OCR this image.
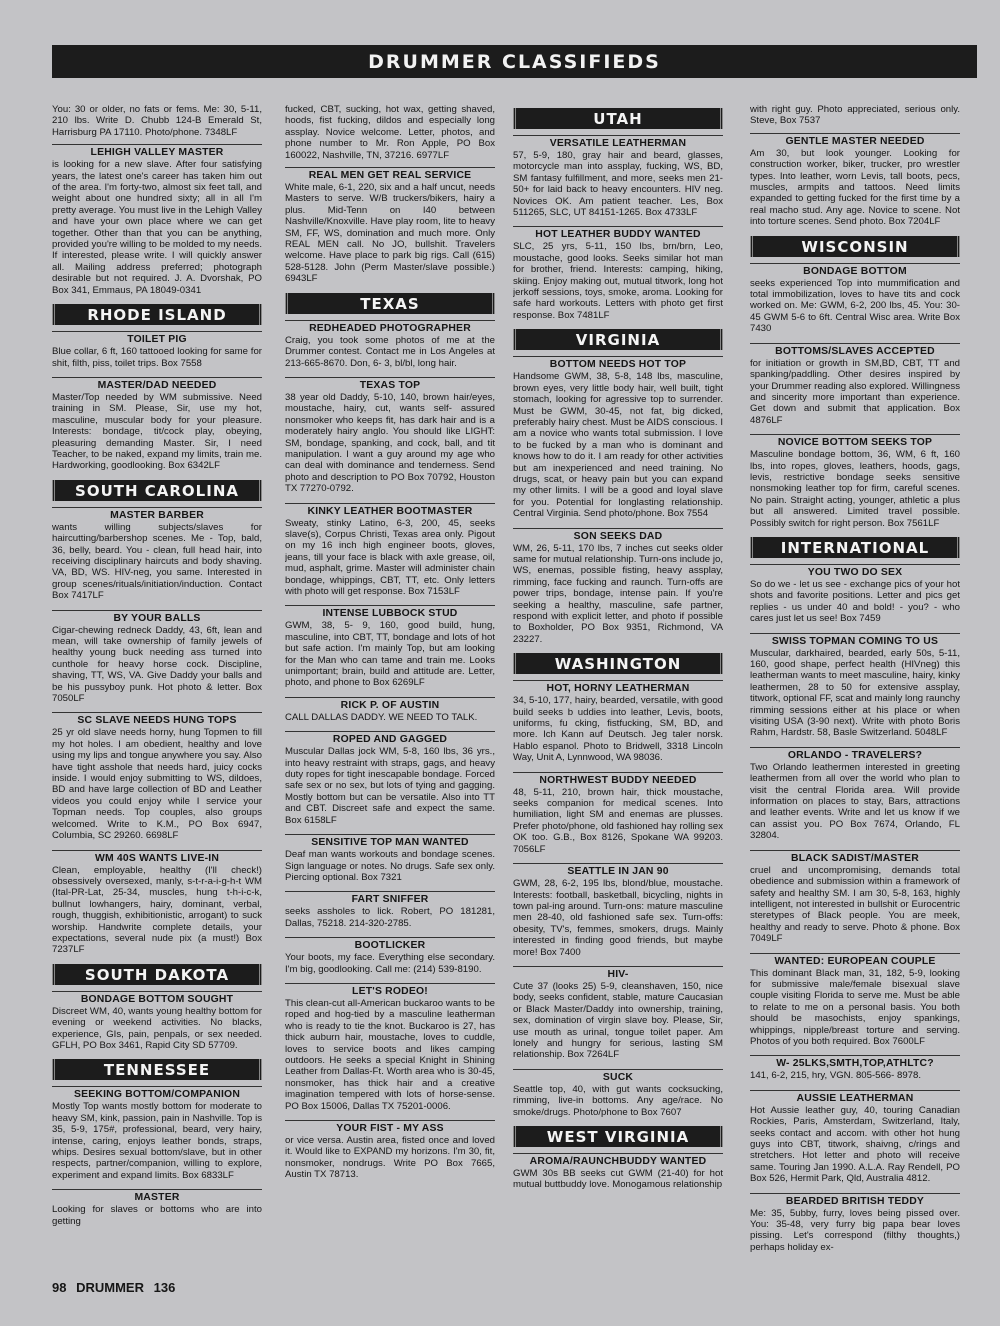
DRUMMER CLASSIFIEDS

You: 30 or older, no fats or fems. Me: 30, 5-11, 210 lbs. Write D. Chubb 124-B Emerald St, Harrisburg PA 17110. Photo/phone. 7348LF

LEHIGH VALLEY MASTER

is looking for a new slave. After four satisfying years, the latest one's career has taken him out of the area. I'm forty-two, almost six feet tall, and weight about one hundred sixty; all in all I'm pretty average. You must live in the Lehigh Valley and have your own place where we can get together. Other than that you can be anything, provided you're willing to be molded to my needs. If interested, please write. I will quickly answer all. Mailing address preferred; photograph desirable but not required. J. A. Dvorshak, PO Box 341, Emmaus, PA 18049-0341

RHODE ISLAND
TOILET PIG

Blue collar, 6 ft, 160 tattooed looking for same for shit, filth, piss, toilet trips. Box 7558

MASTER/DAD NEEDED

Master/Top needed by WM submissive. Need training in SM. Please, Sir, use my hot, masculine, muscular body for your pleasure. Interests: bondage, tit/cock play, obeying, pleasuring demanding Master. Sir, I need Teacher, to be naked, expand my limits, train me. Hardworking, goodlooking. Box 6342LF

SOUTH CAROLINA
MASTER BARBER

wants willing subjects/slaves for haircutting/barbershop scenes. Me - Top, bald, 36, belly, beard. You - clean, full head hair, into receiving disciplinary haircuts and body shaving. VA, BD, WS. HIV-neg, you same. Interested in group scenes/rituals/initiation/induction. Contact Box 7417LF

BY YOUR BALLS

Cigar-chewing redneck Daddy, 43, 6ft, lean and mean, will take ownership of family jewels of healthy young buck needing ass turned into cunthole for heavy horse cock. Discipline, shaving, TT, WS, VA. Give Daddy your balls and be his pussyboy punk. Hot photo & letter. Box 7050LF

SC SLAVE NEEDS HUNG TOPS

25 yr old slave needs horny, hung Topmen to fill my hot holes. I am obedient, healthy and love using my lips and tongue anywhere you say. Also have tight asshole that needs hard, juicy cocks inside. I would enjoy submitting to WS, dildoes, BD and have large collection of BD and Leather videos you could enjoy while I service your Topman needs. Top couples, also groups welcomed. Write to K.M., PO Box 6947, Columbia, SC 29260. 6698LF

WM 40S WANTS LIVE-IN

Clean, employable, healthy (I'll check!) obsessively oversexed, manly, s-t-r-a-i-g-h-t WM (Ital-PR-Lat, 25-34, muscles, hung t-h-i-c-k, bullnut lowhangers, hairy, dominant, verbal, rough, thuggish, exhibitionistic, arrogant) to suck worship. Handwrite complete details, your expectations, several nude pix (a must!) Box 7237LF

SOUTH DAKOTA
BONDAGE BOTTOM SOUGHT

Discreet WM, 40, wants young healthy bottom for evening or weekend activities. No blacks, experience, GIs, pain, penpals, or sex needed. GFLH, PO Box 3461, Rapid City SD 57709.

TENNESSEE
SEEKING BOTTOM/COMPANION

Mostly Top wants mostly bottom for moderate to heavy SM, kink, passion, pain in Nashville. Top is 35, 5-9, 175#, professional, beard, very hairy, intense, caring, enjoys leather bonds, straps, whips. Desires sexual bottom/slave, but in other respects, partner/companion, willing to explore, experiment and expand limits. Box 6833LF

MASTER

Looking for slaves or bottoms who are into getting

fucked, CBT, sucking, hot wax, getting shaved, hoods, fist fucking, dildos and especially long assplay. Novice welcome. Letter, photos, and phone number to Mr. Ron Apple, PO Box 160022, Nashville, TN, 37216. 6977LF

REAL MEN GET REAL SERVICE

White male, 6-1, 220, six and a half uncut, needs Masters to serve. W/B truckers/bikers, hairy a plus. Mid-Tenn on I40 between Nashville/Knoxville. Have play room, lite to heavy SM, FF, WS, domination and much more. Only REAL MEN call. No JO, bullshit. Travelers welcome. Have place to park big rigs. Call (615) 528-5128. John (Perm Master/slave possible.) 6943LF

TEXAS
REDHEADED PHOTOGRAPHER

Craig, you took some photos of me at the Drummer contest. Contact me in Los Angeles at 213-665-8670. Don, 6- 3, bl/bl, long hair.

TEXAS TOP

38 year old Daddy, 5-10, 140, brown hair/eyes, moustache, hairy, cut, wants self- assured nonsmoker who keeps fit, has dark hair and is a moderately hairy anglo. You should like LIGHT: SM, bondage, spanking, and cock, ball, and tit manipulation. I want a guy around my age who can deal with dominance and tenderness. Send photo and description to PO Box 70792, Houston TX 77270-0792.

KINKY LEATHER BOOTMASTER

Sweaty, stinky Latino, 6-3, 200, 45, seeks slave(s), Corpus Christi, Texas area only. Pigout on my 16 inch high engineer boots, gloves, jeans, till your face is black with axle grease, oil, mud, asphalt, grime. Master will administer chain bondage, whippings, CBT, TT, etc. Only letters with photo will get response. Box 7153LF

INTENSE LUBBOCK STUD

GWM, 38, 5- 9, 160, good build, hung, masculine, into CBT, TT, bondage and lots of hot but safe action. I'm mainly Top, but am looking for the Man who can tame and train me. Looks unimportant; brain, build and attitude are. Letter, photo, and phone to Box 6269LF

RICK P. OF AUSTIN

CALL DALLAS DADDY. WE NEED TO TALK.

ROPED AND GAGGED

Muscular Dallas jock WM, 5-8, 160 lbs, 36 yrs., into heavy restraint with straps, gags, and heavy duty ropes for tight inescapable bondage. Forced safe sex or no sex, but lots of tying and gagging. Mostly bottom but can be versatile. Also into TT and CBT. Discreet safe and expect the same. Box 6158LF

SENSITIVE TOP MAN WANTED

Deaf man wants workouts and bondage scenes. Sign language or notes. No drugs. Safe sex only. Piercing optional. Box 7321

FART SNIFFER

seeks assholes to lick. Robert, PO 181281, Dallas, 75218. 214-320-2785.

BOOTLICKER

Your boots, my face. Everything else secondary. I'm big, goodlooking. Call me: (214) 539-8190.

LET'S RODEO!

This clean-cut all-American buckaroo wants to be roped and hog-tied by a masculine leatherman who is ready to tie the knot. Buckaroo is 27, has thick auburn hair, moustache, loves to cuddle, loves to service boots and likes camping outdoors. He seeks a special Knight in Shining Leather from Dallas-Ft. Worth area who is 30-45, nonsmoker, has thick hair and a creative imagination tempered with lots of horse-sense. PO Box 15006, Dallas TX 75201-0006.

YOUR FIST - MY ASS

or vice versa. Austin area, fisted once and loved it. Would like to EXPAND my horizons. I'm 30, fit, nonsmoker, nondrugs. Write PO Box 7665, Austin TX 78713.

UTAH
VERSATILE LEATHERMAN

57, 5-9, 180, gray hair and beard, glasses, motorcycle man into assplay, fucking, WS, BD, SM fantasy fulfillment, and more, seeks men 21-50+ for laid back to heavy encounters. HIV neg. Novices OK. Am patient teacher. Les, Box 511265, SLC, UT 84151-1265. Box 4733LF

HOT LEATHER BUDDY WANTED

SLC, 25 yrs, 5-11, 150 lbs, brn/brn, Leo, moustache, good looks. Seeks similar hot man for brother, friend. Interests: camping, hiking, skiing. Enjoy making out, mutual titwork, long hot jerkoff sessions, toys, smoke, aroma. Looking for safe hard workouts. Letters with photo get first response. Box 7481LF

VIRGINIA
BOTTOM NEEDS HOT TOP

Handsome GWM, 38, 5-8, 148 lbs, masculine, brown eyes, very little body hair, well built, tight stomach, looking for agressive top to surrender. Must be GWM, 30-45, not fat, big dicked, preferably hairy chest. Must be AIDS conscious. I am a novice who wants total submission. I love to be fucked by a man who is dominant and knows how to do it. I am ready for other activities but am inexperienced and need training. No drugs, scat, or heavy pain but you can expand my other limits. I will be a good and loyal slave for you. Potential for longlasting relationship. Central Virginia. Send photo/phone. Box 7554

SON SEEKS DAD

WM, 26, 5-11, 170 lbs, 7 inches cut seeks older same for mutual relationship. Turn-ons include jo, WS, enemas, possible fisting, heavy assplay, rimming, face fucking and raunch. Turn-offs are power trips, bondage, intense pain. If you're seeking a healthy, masculine, safe partner, respond with explicit letter, and photo if possible to Boxholder, PO Box 9351, Richmond, VA 23227.

WASHINGTON
HOT, HORNY LEATHERMAN

34, 5-10, 177, hairy, bearded, versatile, with good build seeks b uddies into leather, Levis, boots, uniforms, fu cking, fistfucking, SM, BD, and more. Ich Kann auf Deutsch. Jeg taler norsk. Hablo espanol. Photo to Bridwell, 3318 Lincoln Way, Unit A, Lynnwood, WA 98036.

NORTHWEST BUDDY NEEDED

48, 5-11, 210, brown hair, thick moustache, seeks companion for medical scenes. Into humiliation, light SM and enemas are plusses. Prefer photo/phone, old fashioned hay rolling sex OK too. G.B., Box 8126, Spokane WA 99203. 7056LF

SEATTLE IN JAN 90

GWM, 28, 6-2, 195 lbs, blond/blue, moustache. Interests: football, basketball, bicycling, nights in town pal-ing around. Turn-ons: mature masculine men 28-40, old fashioned safe sex. Turn-offs: obesity, TV's, femmes, smokers, drugs. Mainly interested in finding good friends, but maybe more! Box 7400

HIV-

Cute 37 (looks 25) 5-9, cleanshaven, 150, nice body, seeks confident, stable, mature Caucasian or Black Master/Daddy into ownership, training, sex, domination of virgin slave boy. Please, Sir, use mouth as urinal, tongue toilet paper. Am lonely and hungry for serious, lasting SM relationship. Box 7264LF

SUCK

Seattle top, 40, with gut wants cocksucking, rimming, live-in bottoms. Any age/race. No smoke/drugs. Photo/phone to Box 7607

WEST VIRGINIA
AROMA/RAUNCHBUDDY WANTED

GWM 30s BB seeks cut GWM (21-40) for hot mutual buttbuddy love. Monogamous relationship

with right guy. Photo appreciated, serious only. Steve, Box 7537

GENTLE MASTER NEEDED

Am 30, but look younger. Looking for construction worker, biker, trucker, pro wrestler types. Into leather, worn Levis, tall boots, pecs, muscles, armpits and tattoos. Need limits expanded to getting fucked for the first time by a real macho stud. Any age. Novice to scene. Not into torture scenes. Send photo. Box 7204LF

WISCONSIN
BONDAGE BOTTOM

seeks experienced Top into mummification and total immobilization, loves to have tits and cock worked on. Me: GWM, 6-2, 200 lbs, 45. You: 30-45 GWM 5-6 to 6ft. Central Wisc area. Write Box 7430

BOTTOMS/SLAVES ACCEPTED

for initiation or growth in SM,BD, CBT, TT and spanking/paddling. Other desires inspired by your Drummer reading also explored. Willingness and sincerity more important than experience. Get down and submit that application. Box 4876LF

NOVICE BOTTOM SEEKS TOP

Masculine bondage bottom, 36, WM, 6 ft, 160 lbs, into ropes, gloves, leathers, hoods, gags, levis, restrictive bondage seeks sensitive nonsmoking leather top for firm, careful scenes. No pain. Straight acting, younger, athletic a plus but all answered. Limited travel possible. Possibly switch for right person. Box 7561LF

INTERNATIONAL
YOU TWO DO SEX

So do we - let us see - exchange pics of your hot shots and favorite positions. Letter and pics get replies - us under 40 and bold! - you? - who cares just let us see! Box 7459

SWISS TOPMAN COMING TO US

Muscular, darkhaired, bearded, early 50s, 5-11, 160, good shape, perfect health (HIVneg) this leatherman wants to meet masculine, hairy, kinky leathermen, 28 to 50 for extensive assplay, titwork, optional FF, scat and mainly long raunchy rimming sessions either at his place or when visiting USA (3-90 next). Write with photo Boris Rahm, Hardstr. 58, Basle Switzerland. 5048LF

ORLANDO - TRAVELERS?

Two Orlando leathermen interested in greeting leathermen from all over the world who plan to visit the central Florida area. Will provide information on places to stay, Bars, attractions and leather events. Write and let us know if we can assist you. PO Box 7674, Orlando, FL 32804.

BLACK SADIST/MASTER

cruel and uncompromising, demands total obedience and submission within a framework of safety and healthy SM. I am 30, 5-8, 163, highly intelligent, not interested in bullshit or Eurocentric steretypes of Black people. You are meek, healthy and ready to serve. Photo & phone. Box 7049LF

WANTED: EUROPEAN COUPLE

This dominant Black man, 31, 182, 5-9, looking for submissive male/female bisexual slave couple visiting Florida to serve me. Must be able to relate to me on a personal basis. You both should be masochists, enjoy spankings, whippings, nipple/breast torture and serving. Photos of you both required. Box 7600LF

W- 25LKS,SMTH,TOP,ATHLTC?

141, 6-2, 215, hry, VGN. 805-566- 8978.

AUSSIE LEATHERMAN

Hot Aussie leather guy, 40, touring Canadian Rockies, Paris, Amsterdam, Switzerland, Italy, seeks contact and accom. with other hot hung guys into CBT, titwork, shaivng, c/rings and stretchers. Hot letter and photo will receive same. Touring Jan 1990. A.L.A. Ray Rendell, PO Box 526, Hermit Park, Qld, Australia 4812.

BEARDED BRITISH TEDDY

Me: 35, 5ubby, furry, loves being pissed over. You: 35-48, very furry big papa bear loves pissing. Let's correspond (filthy thoughts,) perhaps holiday ex-

98 DRUMMER 136
